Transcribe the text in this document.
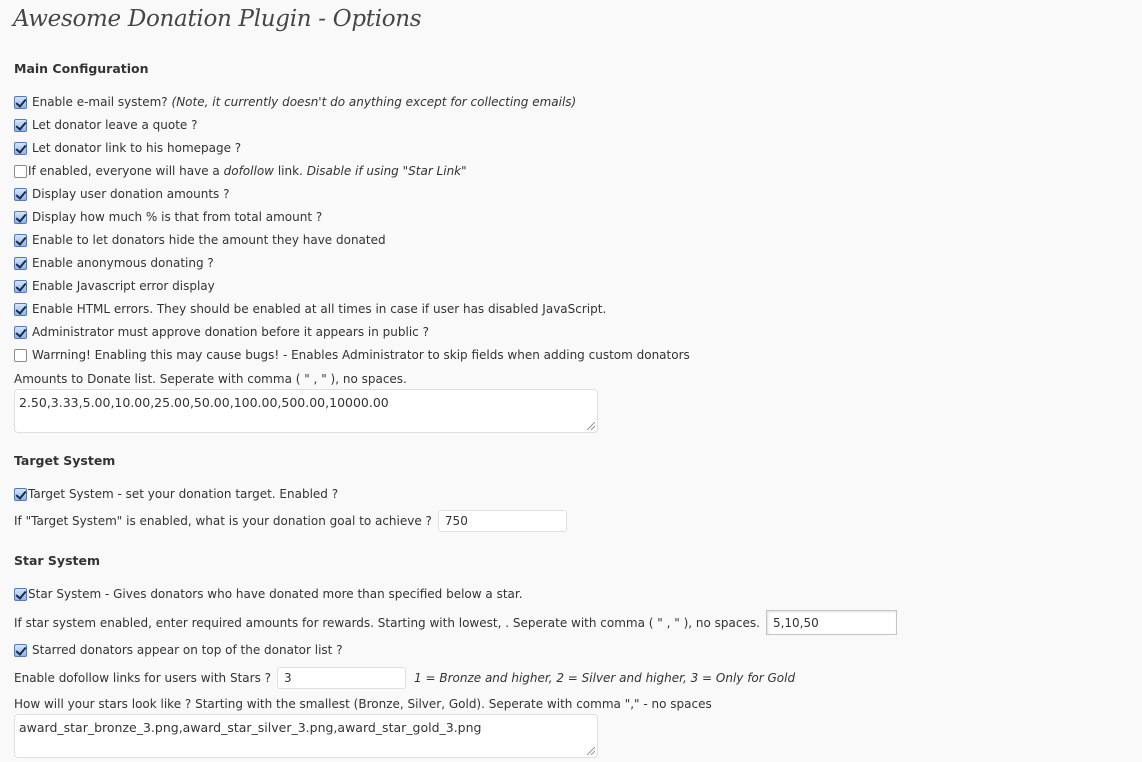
Awesome Donation Plugin - Options
Main Configuration
Enable e-mail system?
(Note, it currently doesn't do anything except for collecting emails)
Let donator leave a quote ?
Let donator link to his homepage ?
If enabled, everyone will have a
dofollow
link.
Disable if using "Star Link"
Display user donation amounts ?
Display how much % is that from total amount ?
Enable to let donators hide the amount they have donated
Enable anonymous donating ?
Enable Javascript error display
Enable HTML errors. They should be enabled at all times in case if user has disabled JavaScript.
Administrator must approve donation before it appears in public ?
Warrning! Enabling this may cause bugs! - Enables Administrator to skip fields when adding custom donators
Amounts to Donate list. Seperate with comma ( " , " ), no spaces.
2.50,3.33,5.00,10.00,25.00,50.00,100.00,500.00,10000.00
Target System
Target System - set your donation target. Enabled ?
If "Target System" is enabled, what is your donation goal to achieve ?	750
Star System
Star System - Gives donators who have donated more than specified below a star.
If star system enabled, enter required amounts for rewards. Starting with lowest, . Seperate with comma ( " , " ), no spaces.	5,10,50
Starred donators appear on top of the donator list ?
Enable dofollow links for users with Stars ?	3	1 = Bronze and higher, 2 = Silver and higher, 3 = Only for Gold
How will your stars look like ? Starting with the smallest (Bronze, Silver, Gold). Seperate with comma "," - no spaces
award_star_bronze_3.png,award_star_silver_3.png,award_star_gold_3.png
